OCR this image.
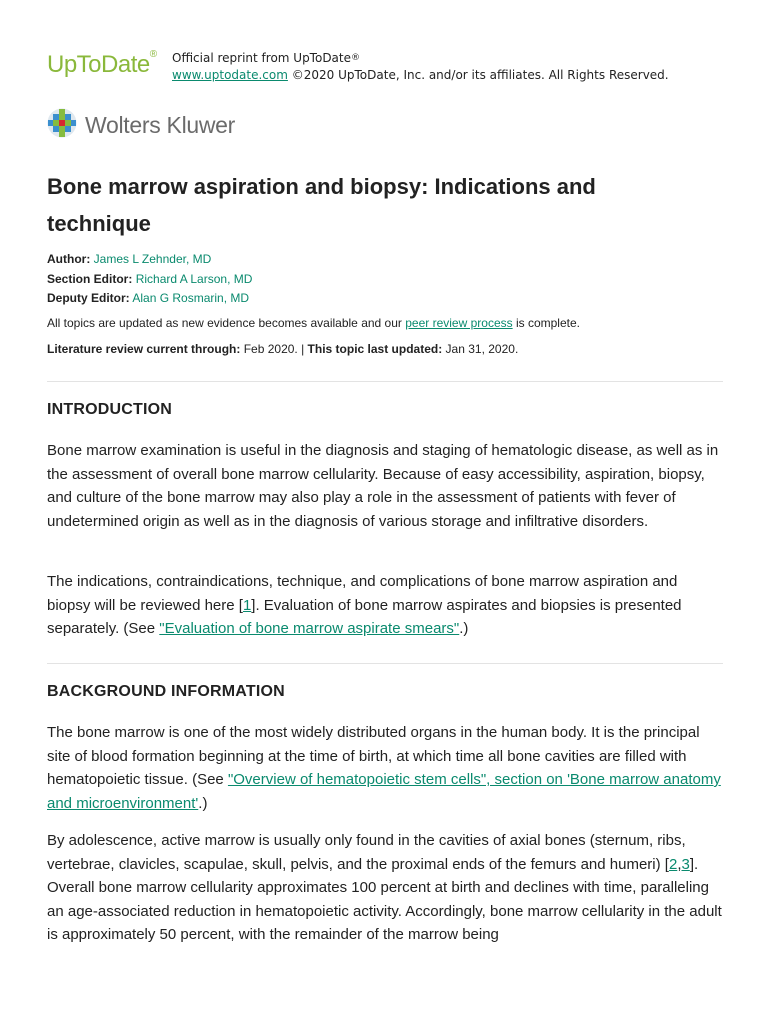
UpToDate® Official reprint from UpToDate®
www.uptodate.com ©2020 UpToDate, Inc. and/or its affiliates. All Rights Reserved.
Wolters Kluwer
Bone marrow aspiration and biopsy: Indications and technique
Author: James L Zehnder, MD
Section Editor: Richard A Larson, MD
Deputy Editor: Alan G Rosmarin, MD
All topics are updated as new evidence becomes available and our peer review process is complete.
Literature review current through: Feb 2020. | This topic last updated: Jan 31, 2020.
INTRODUCTION

Bone marrow examination is useful in the diagnosis and staging of hematologic disease, as well as in the assessment of overall bone marrow cellularity. Because of easy accessibility, aspiration, biopsy, and culture of the bone marrow may also play a role in the assessment of patients with fever of undetermined origin as well as in the diagnosis of various storage and infiltrative disorders.

The indications, contraindications, technique, and complications of bone marrow aspiration and biopsy will be reviewed here [1]. Evaluation of bone marrow aspirates and biopsies is presented separately. (See "Evaluation of bone marrow aspirate smears".)

BACKGROUND INFORMATION

The bone marrow is one of the most widely distributed organs in the human body. It is the principal site of blood formation beginning at the time of birth, at which time all bone cavities are filled with hematopoietic tissue. (See "Overview of hematopoietic stem cells", section on 'Bone marrow anatomy and microenvironment'.)

By adolescence, active marrow is usually only found in the cavities of axial bones (sternum, ribs, vertebrae, clavicles, scapulae, skull, pelvis, and the proximal ends of the femurs and humeri) [2,3]. Overall bone marrow cellularity approximates 100 percent at birth and declines with time, paralleling an age-associated reduction in hematopoietic activity. Accordingly, bone marrow cellularity in the adult is approximately 50 percent, with the remainder of the marrow being
